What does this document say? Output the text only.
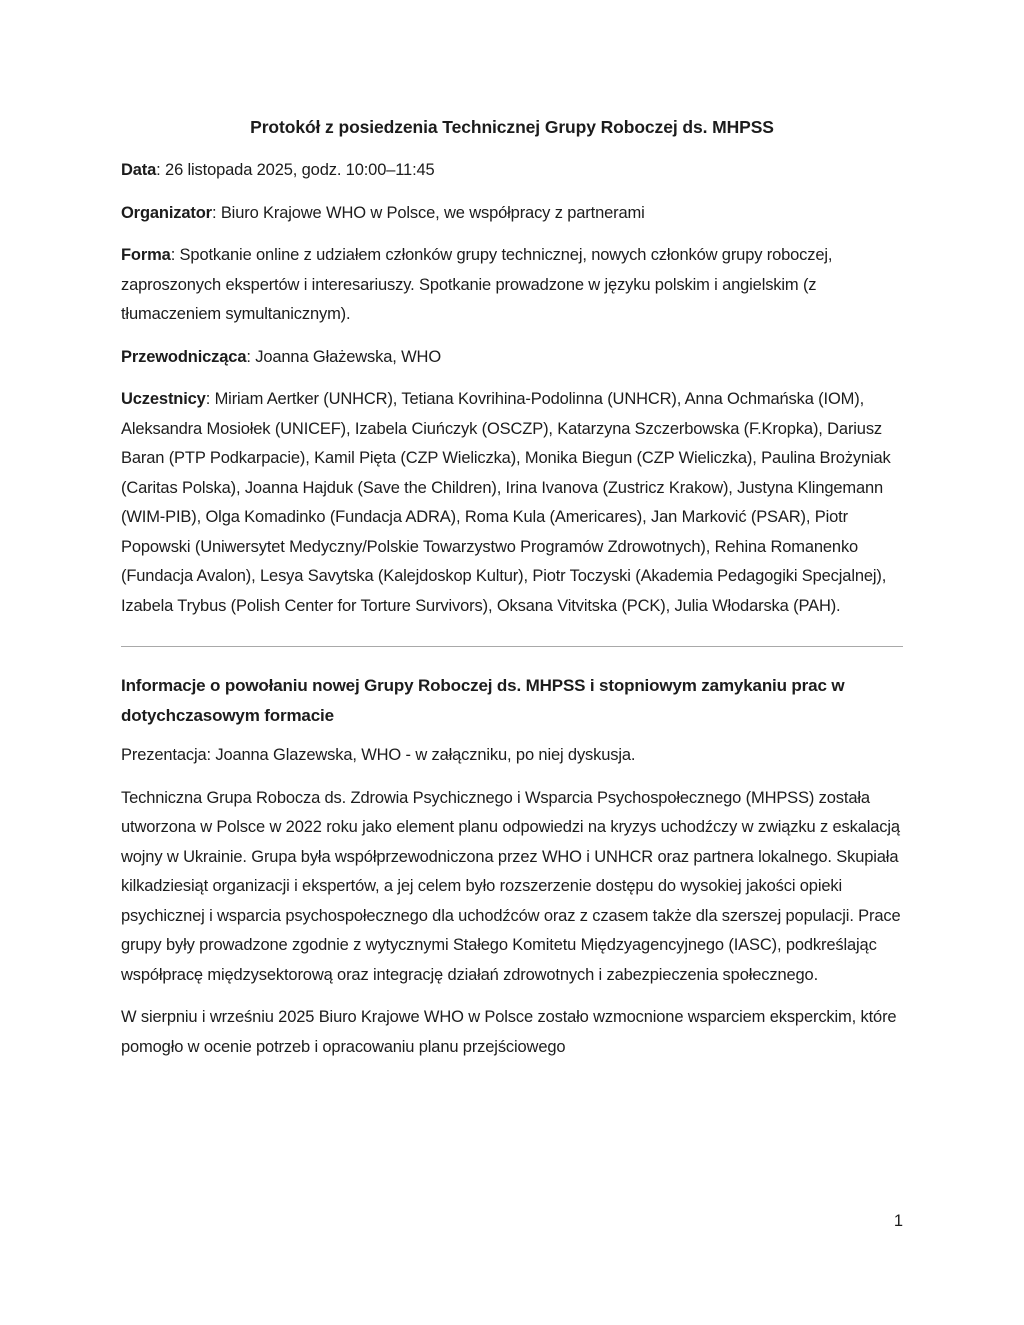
Protokół z posiedzenia Technicznej Grupy Roboczej ds. MHPSS

Data: 26 listopada 2025, godz. 10:00–11:45

Organizator: Biuro Krajowe WHO w Polsce, we współpracy z partnerami

Forma: Spotkanie online z udziałem członków grupy technicznej, nowych członków grupy roboczej, zaproszonych ekspertów i interesariuszy. Spotkanie prowadzone w języku polskim i angielskim (z tłumaczeniem symultanicznym).

Przewodnicząca: Joanna Głażewska, WHO

Uczestnicy: Miriam Aertker (UNHCR), Tetiana Kovrihina-Podolinna (UNHCR), Anna Ochmańska (IOM), Aleksandra Mosiołek (UNICEF), Izabela Ciuńczyk (OSCZP), Katarzyna Szczerbowska (F.Kropka), Dariusz Baran (PTP Podkarpacie), Kamil Pięta (CZP Wieliczka), Monika Biegun (CZP Wieliczka), Paulina Brożyniak (Caritas Polska), Joanna Hajduk (Save the Children), Irina Ivanova (Zustricz Krakow), Justyna Klingemann (WIM-PIB), Olga Komadinko (Fundacja ADRA), Roma Kula (Americares), Jan Marković (PSAR), Piotr Popowski (Uniwersytet Medyczny/Polskie Towarzystwo Programów Zdrowotnych), Rehina Romanenko (Fundacja Avalon), Lesya Savytska (Kalejdoskop Kultur), Piotr Toczyski (Akademia Pedagogiki Specjalnej), Izabela Trybus (Polish Center for Torture Survivors), Oksana Vitvitska (PCK), Julia Włodarska (PAH).

Informacje o powołaniu nowej Grupy Roboczej ds. MHPSS i stopniowym zamykaniu prac w dotychczasowym formacie

Prezentacja: Joanna Glazewska, WHO - w załączniku, po niej dyskusja.

Techniczna Grupa Robocza ds. Zdrowia Psychicznego i Wsparcia Psychospołecznego (MHPSS) została utworzona w Polsce w 2022 roku jako element planu odpowiedzi na kryzys uchodźczy w związku z eskalacją wojny w Ukrainie. Grupa była współprzewodniczona przez WHO i UNHCR oraz partnera lokalnego. Skupiała kilkadziesiąt organizacji i ekspertów, a jej celem było rozszerzenie dostępu do wysokiej jakości opieki psychicznej i wsparcia psychospołecznego dla uchodźców oraz z czasem także dla szerszej populacji. Prace grupy były prowadzone zgodnie z wytycznymi Stałego Komitetu Międzyagencyjnego (IASC), podkreślając współpracę międzysektorową oraz integrację działań zdrowotnych i zabezpieczenia społecznego.

W sierpniu i wrześniu 2025 Biuro Krajowe WHO w Polsce zostało wzmocnione wsparciem eksperckim, które pomogło w ocenie potrzeb i opracowaniu planu przejściowego

1
